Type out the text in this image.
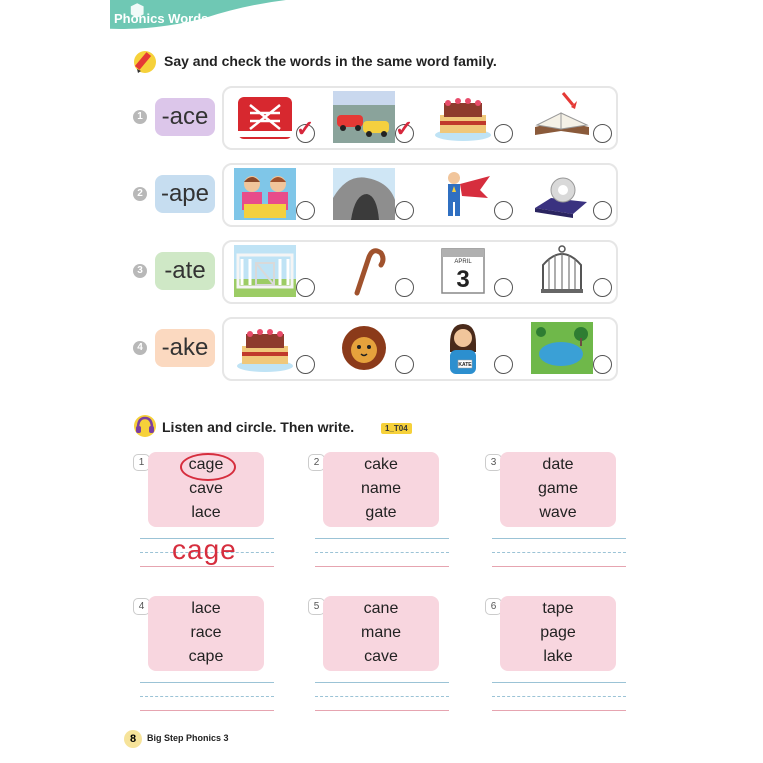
Phonics Words
Say and check the words in the same word family.
1 -ace	✓	✓
2 -ape
3 -ate	APRIL
3
4 -ake
KATE
Listen and circle. Then write.	1_T04
1	cage
cave
lace
cage
2	cake
name
gate
3	date
game
wave
4	lace
race
cape
5	cane
mane
cave
6	tape
page
lake
8	Big Step Phonics 3
